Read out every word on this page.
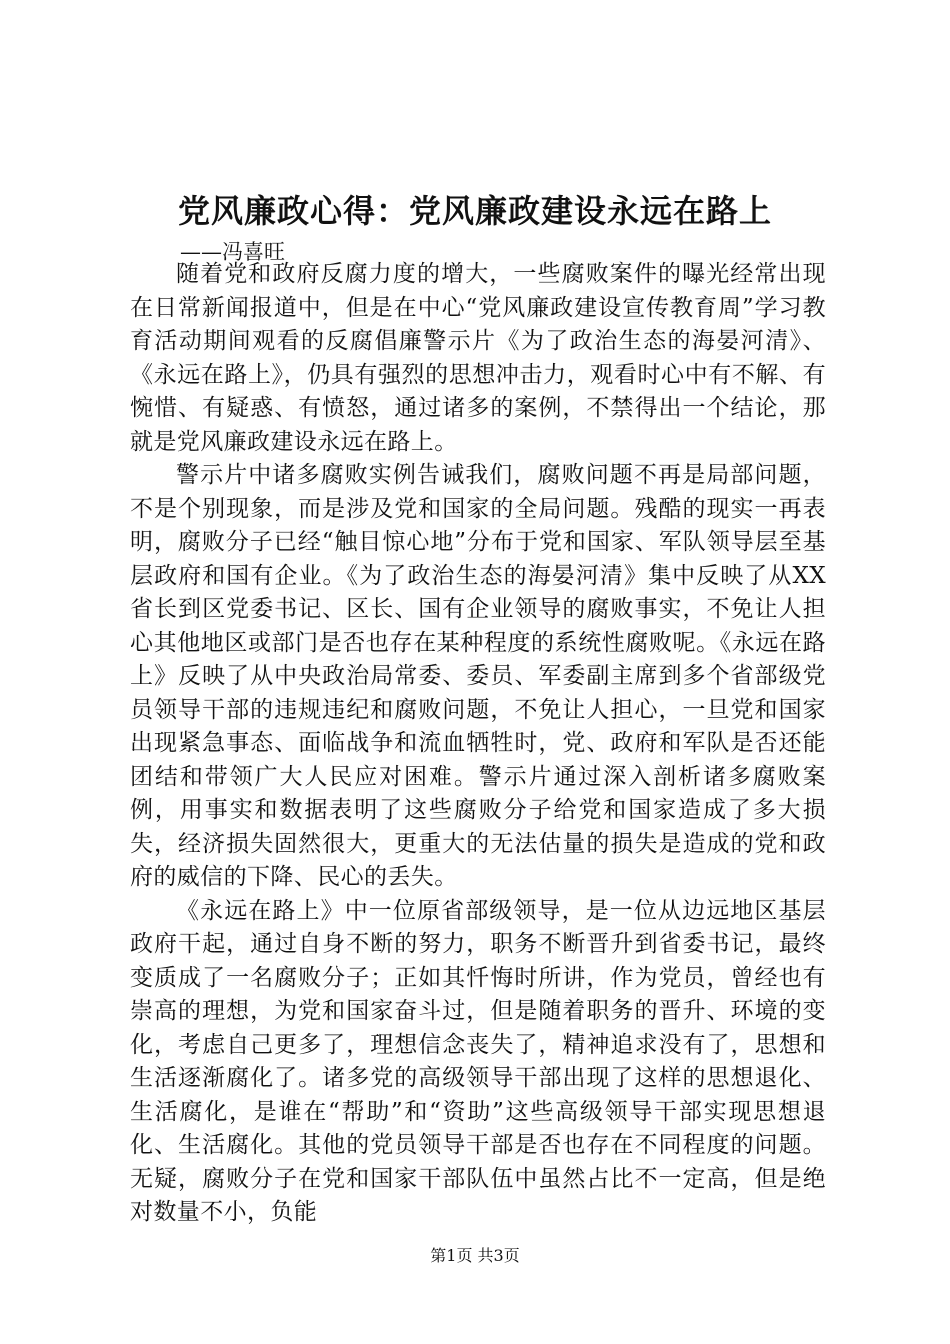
党风廉政心得：党风廉政建设永远在路上

——冯喜旺

随着党和政府反腐力度的增大，一些腐败案件的曝光经常出现在日常新闻报道中，但是在中心“党风廉政建设宣传教育周”学习教育活动期间观看的反腐倡廉警示片《为了政治生态的海晏河清》、《永远在路上》，仍具有强烈的思想冲击力，观看时心中有不解、有惋惜、有疑惑、有愤怒，通过诸多的案例，不禁得出一个结论，那就是党风廉政建设永远在路上。

警示片中诸多腐败实例告诫我们，腐败问题不再是局部问题，不是个别现象，而是涉及党和国家的全局问题。残酷的现实一再表明，腐败分子已经“触目惊心地”分布于党和国家、军队领导层至基层政府和国有企业。《为了政治生态的海晏河清》集中反映了从XX省长到区党委书记、区长、国有企业领导的腐败事实，不免让人担心其他地区或部门是否也存在某种程度的系统性腐败呢。《永远在路上》反映了从中央政治局常委、委员、军委副主席到多个省部级党员领导干部的违规违纪和腐败问题，不免让人担心，一旦党和国家出现紧急事态、面临战争和流血牺牲时，党、政府和军队是否还能团结和带领广大人民应对困难。警示片通过深入剖析诸多腐败案例，用事实和数据表明了这些腐败分子给党和国家造成了多大损失，经济损失固然很大，更重大的无法估量的损失是造成的党和政府的威信的下降、民心的丢失。

《永远在路上》中一位原省部级领导，是一位从边远地区基层政府干起，通过自身不断的努力，职务不断晋升到省委书记，最终变质成了一名腐败分子；正如其忏悔时所讲，作为党员，曾经也有崇高的理想，为党和国家奋斗过，但是随着职务的晋升、环境的变化，考虑自己更多了，理想信念丧失了，精神追求没有了，思想和生活逐渐腐化了。诸多党的高级领导干部出现了这样的思想退化、生活腐化，是谁在“帮助”和“资助”这些高级领导干部实现思想退化、生活腐化。其他的党员领导干部是否也存在不同程度的问题。无疑，腐败分子在党和国家干部队伍中虽然占比不一定高，但是绝对数量不小，负能

第1页 共3页
